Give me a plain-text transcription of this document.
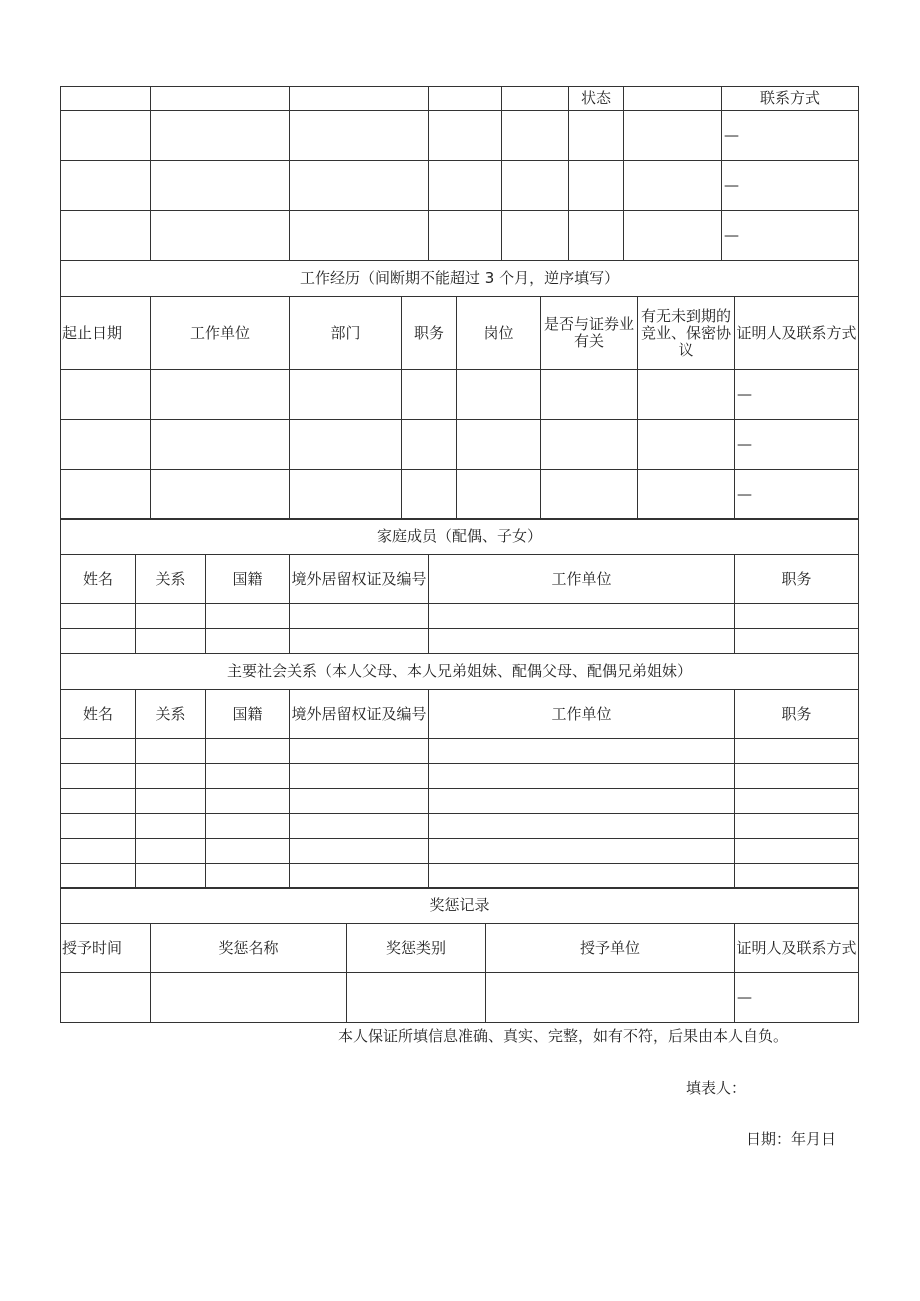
					状态		联系方式
							—
							—
							—
工作经历（间断期不能超过 3 个月，逆序填写）							
起止日期	工作单位	部门	职务	岗位	是否与证券业有关	有无未到期的竞业、保密协议	证明人及联系方式
							—
							—
							—
家庭成员（配偶、子女）					
姓名	关系	国籍	境外居留权证及编号	工作单位	职务

主要社会关系（本人父母、本人兄弟姐妹、配偶父母、配偶兄弟姐妹）					
姓名	关系	国籍	境外居留权证及编号	工作单位	职务

奖惩记录				
授予时间	奖惩名称	奖惩类别	授予单位	证明人及联系方式
				—
本人保证所填信息准确、真实、完整，如有不符，后果由本人自负。
填表人：
日期：年月日
